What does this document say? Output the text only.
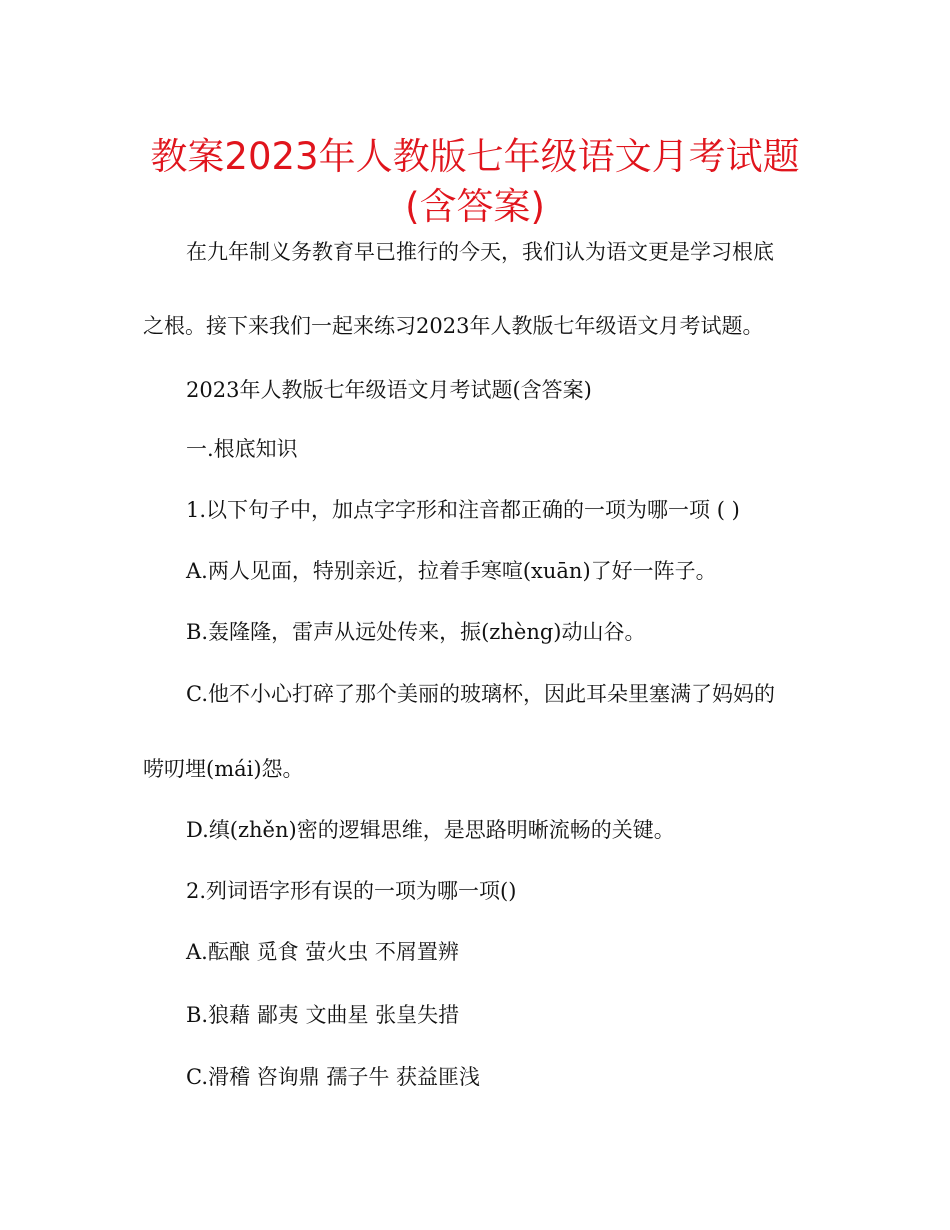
教案2023年人教版七年级语文月考试题
(含答案)
在九年制义务教育早已推行的今天，我们认为语文更是学习根底
之根。接下来我们一起来练习2023年人教版七年级语文月考试题。
2023年人教版七年级语文月考试题(含答案)
一.根底知识
1.以下句子中，加点字字形和注音都正确的一项为哪一项 ( )
A.两人见面，特别亲近，拉着手寒喧(xuān)了好一阵子。
B.轰隆隆，雷声从远处传来，振(zhèng)动山谷。
C.他不小心打碎了那个美丽的玻璃杯，因此耳朵里塞满了妈妈的
唠叨埋(mái)怨。
D.缜(zhěn)密的逻辑思维，是思路明晰流畅的关键。
2.列词语字形有误的一项为哪一项()
A.酝酿 觅食 萤火虫 不屑置辨
B.狼藉 鄙夷 文曲星 张皇失措
C.滑稽 咨询鼎 孺子牛 获益匪浅
